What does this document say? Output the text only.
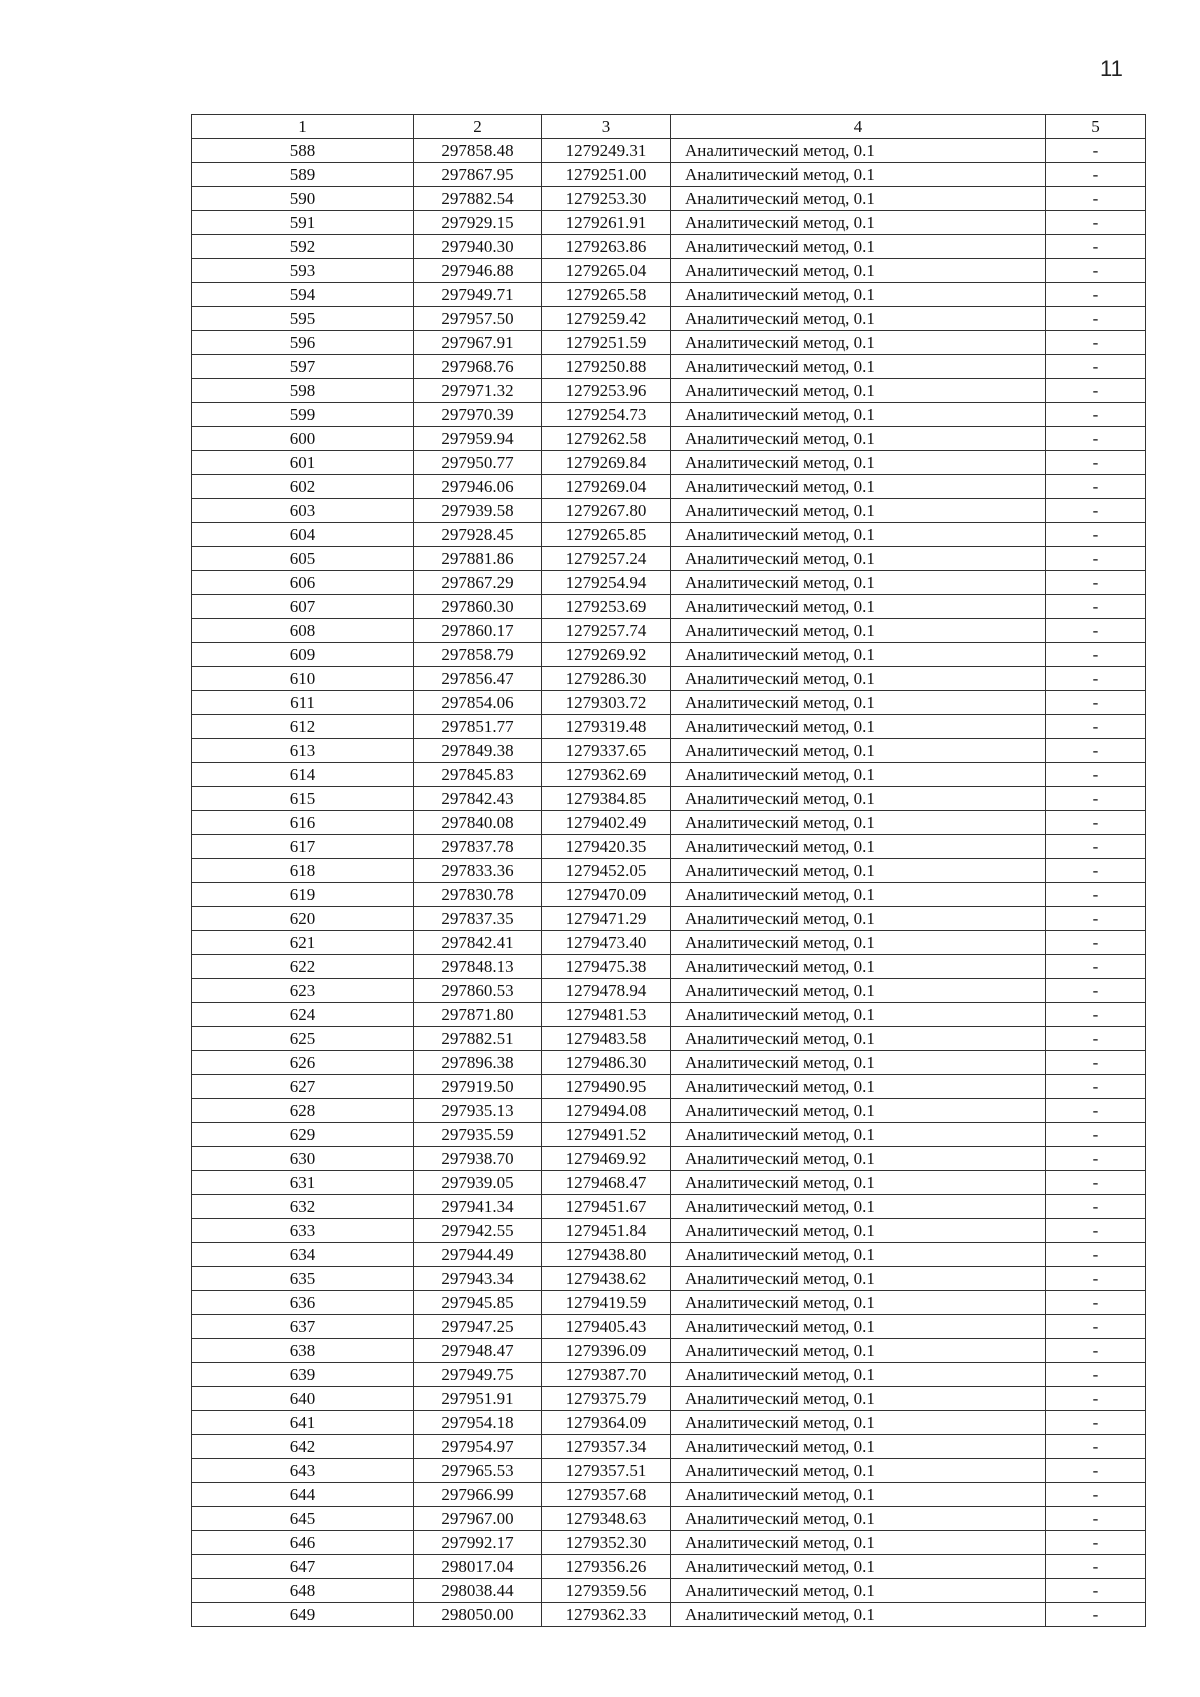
11
1	2	3	4	5
588	297858.48	1279249.31	Аналитический метод, 0.1	-
589	297867.95	1279251.00	Аналитический метод, 0.1	-
590	297882.54	1279253.30	Аналитический метод, 0.1	-
591	297929.15	1279261.91	Аналитический метод, 0.1	-
592	297940.30	1279263.86	Аналитический метод, 0.1	-
593	297946.88	1279265.04	Аналитический метод, 0.1	-
594	297949.71	1279265.58	Аналитический метод, 0.1	-
595	297957.50	1279259.42	Аналитический метод, 0.1	-
596	297967.91	1279251.59	Аналитический метод, 0.1	-
597	297968.76	1279250.88	Аналитический метод, 0.1	-
598	297971.32	1279253.96	Аналитический метод, 0.1	-
599	297970.39	1279254.73	Аналитический метод, 0.1	-
600	297959.94	1279262.58	Аналитический метод, 0.1	-
601	297950.77	1279269.84	Аналитический метод, 0.1	-
602	297946.06	1279269.04	Аналитический метод, 0.1	-
603	297939.58	1279267.80	Аналитический метод, 0.1	-
604	297928.45	1279265.85	Аналитический метод, 0.1	-
605	297881.86	1279257.24	Аналитический метод, 0.1	-
606	297867.29	1279254.94	Аналитический метод, 0.1	-
607	297860.30	1279253.69	Аналитический метод, 0.1	-
608	297860.17	1279257.74	Аналитический метод, 0.1	-
609	297858.79	1279269.92	Аналитический метод, 0.1	-
610	297856.47	1279286.30	Аналитический метод, 0.1	-
611	297854.06	1279303.72	Аналитический метод, 0.1	-
612	297851.77	1279319.48	Аналитический метод, 0.1	-
613	297849.38	1279337.65	Аналитический метод, 0.1	-
614	297845.83	1279362.69	Аналитический метод, 0.1	-
615	297842.43	1279384.85	Аналитический метод, 0.1	-
616	297840.08	1279402.49	Аналитический метод, 0.1	-
617	297837.78	1279420.35	Аналитический метод, 0.1	-
618	297833.36	1279452.05	Аналитический метод, 0.1	-
619	297830.78	1279470.09	Аналитический метод, 0.1	-
620	297837.35	1279471.29	Аналитический метод, 0.1	-
621	297842.41	1279473.40	Аналитический метод, 0.1	-
622	297848.13	1279475.38	Аналитический метод, 0.1	-
623	297860.53	1279478.94	Аналитический метод, 0.1	-
624	297871.80	1279481.53	Аналитический метод, 0.1	-
625	297882.51	1279483.58	Аналитический метод, 0.1	-
626	297896.38	1279486.30	Аналитический метод, 0.1	-
627	297919.50	1279490.95	Аналитический метод, 0.1	-
628	297935.13	1279494.08	Аналитический метод, 0.1	-
629	297935.59	1279491.52	Аналитический метод, 0.1	-
630	297938.70	1279469.92	Аналитический метод, 0.1	-
631	297939.05	1279468.47	Аналитический метод, 0.1	-
632	297941.34	1279451.67	Аналитический метод, 0.1	-
633	297942.55	1279451.84	Аналитический метод, 0.1	-
634	297944.49	1279438.80	Аналитический метод, 0.1	-
635	297943.34	1279438.62	Аналитический метод, 0.1	-
636	297945.85	1279419.59	Аналитический метод, 0.1	-
637	297947.25	1279405.43	Аналитический метод, 0.1	-
638	297948.47	1279396.09	Аналитический метод, 0.1	-
639	297949.75	1279387.70	Аналитический метод, 0.1	-
640	297951.91	1279375.79	Аналитический метод, 0.1	-
641	297954.18	1279364.09	Аналитический метод, 0.1	-
642	297954.97	1279357.34	Аналитический метод, 0.1	-
643	297965.53	1279357.51	Аналитический метод, 0.1	-
644	297966.99	1279357.68	Аналитический метод, 0.1	-
645	297967.00	1279348.63	Аналитический метод, 0.1	-
646	297992.17	1279352.30	Аналитический метод, 0.1	-
647	298017.04	1279356.26	Аналитический метод, 0.1	-
648	298038.44	1279359.56	Аналитический метод, 0.1	-
649	298050.00	1279362.33	Аналитический метод, 0.1	-
